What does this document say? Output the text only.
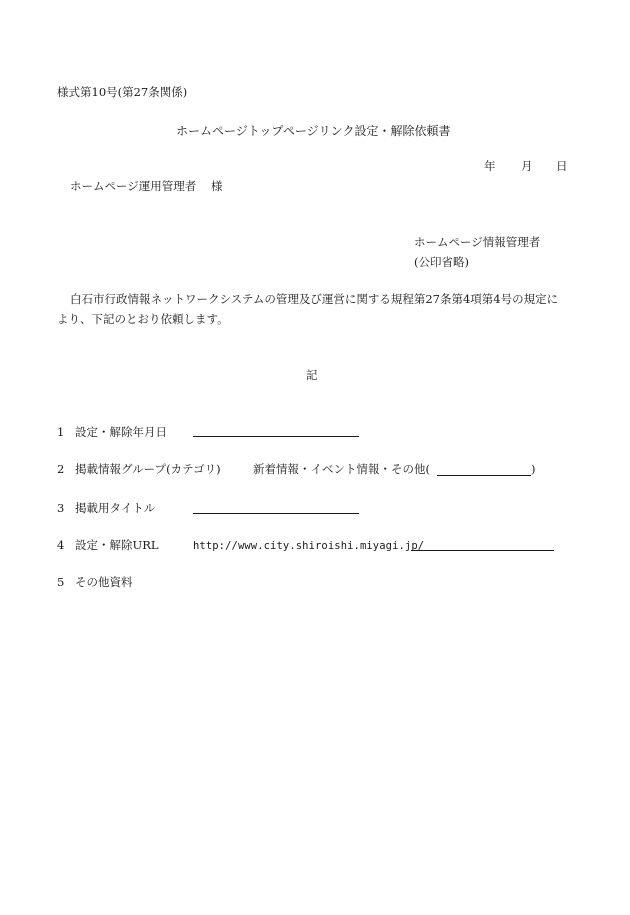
様式第10号(第27条関係)
ホームページトップページリンク設定・解除依頼書
年 月 日
ホームページ運用管理者 様
ホームページ情報管理者
(公印省略)
白石市行政情報ネットワークシステムの管理及び運営に関する規程第27条第4項第4号の規定に
より、下記のとおり依頼します。
記
1 設定・解除年月日
2 掲載情報グループ(カテゴリ)	新着情報・イベント情報・その他(	)
3 掲載用タイトル
4 設定・解除URL	http://www.city.shiroishi.miyagi.jp/
5 その他資料
